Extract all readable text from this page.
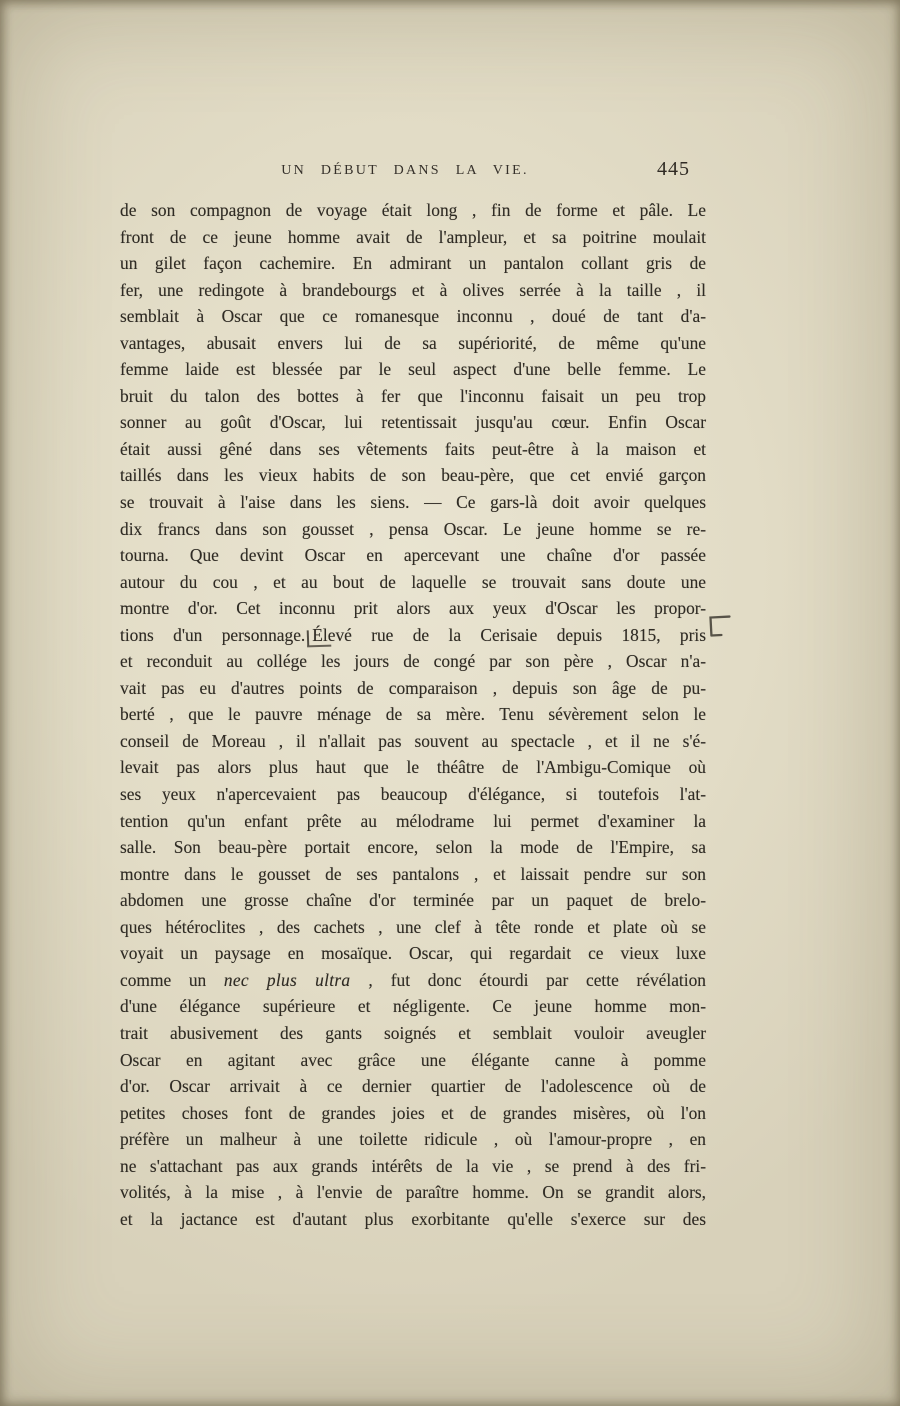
UN DÉBUT DANS LA VIE.	445
de son compagnon de voyage était long , fin de forme et pâle. Le
front de ce jeune homme avait de l'ampleur, et sa poitrine moulait
un gilet façon cachemire. En admirant un pantalon collant gris de
fer, une redingote à brandebourgs et à olives serrée à la taille , il
semblait à Oscar que ce romanesque inconnu , doué de tant d'a-
vantages, abusait envers lui de sa supériorité, de même qu'une
femme laide est blessée par le seul aspect d'une belle femme. Le
bruit du talon des bottes à fer que l'inconnu faisait un peu trop
sonner au goût d'Oscar, lui retentissait jusqu'au cœur. Enfin Oscar
était aussi gêné dans ses vêtements faits peut-être à la maison et
taillés dans les vieux habits de son beau-père, que cet envié garçon
se trouvait à l'aise dans les siens. — Ce gars-là doit avoir quelques
dix francs dans son gousset , pensa Oscar. Le jeune homme se re-
tourna. Que devint Oscar en apercevant une chaîne d'or passée
autour du cou , et au bout de laquelle se trouvait sans doute une
montre d'or. Cet inconnu prit alors aux yeux d'Oscar les propor-
tions d'un personnage. Élevé rue de la Cerisaie depuis 1815, pris
et reconduit au collége les jours de congé par son père , Oscar n'a-
vait pas eu d'autres points de comparaison , depuis son âge de pu-
berté , que le pauvre ménage de sa mère. Tenu sévèrement selon le
conseil de Moreau , il n'allait pas souvent au spectacle , et il ne s'é-
levait pas alors plus haut que le théâtre de l'Ambigu-Comique où
ses yeux n'apercevaient pas beaucoup d'élégance, si toutefois l'at-
tention qu'un enfant prête au mélodrame lui permet d'examiner la
salle. Son beau-père portait encore, selon la mode de l'Empire, sa
montre dans le gousset de ses pantalons , et laissait pendre sur son
abdomen une grosse chaîne d'or terminée par un paquet de brelo-
ques hétéroclites , des cachets , une clef à tête ronde et plate où se
voyait un paysage en mosaïque. Oscar, qui regardait ce vieux luxe
comme un nec plus ultra , fut donc étourdi par cette révélation
d'une élégance supérieure et négligente. Ce jeune homme mon-
trait abusivement des gants soignés et semblait vouloir aveugler
Oscar en agitant avec grâce une élégante canne à pomme
d'or. Oscar arrivait à ce dernier quartier de l'adolescence où de
petites choses font de grandes joies et de grandes misères, où l'on
préfère un malheur à une toilette ridicule , où l'amour-propre , en
ne s'attachant pas aux grands intérêts de la vie , se prend à des fri-
volités, à la mise , à l'envie de paraître homme. On se grandit alors,
et la jactance est d'autant plus exorbitante qu'elle s'exerce sur des
